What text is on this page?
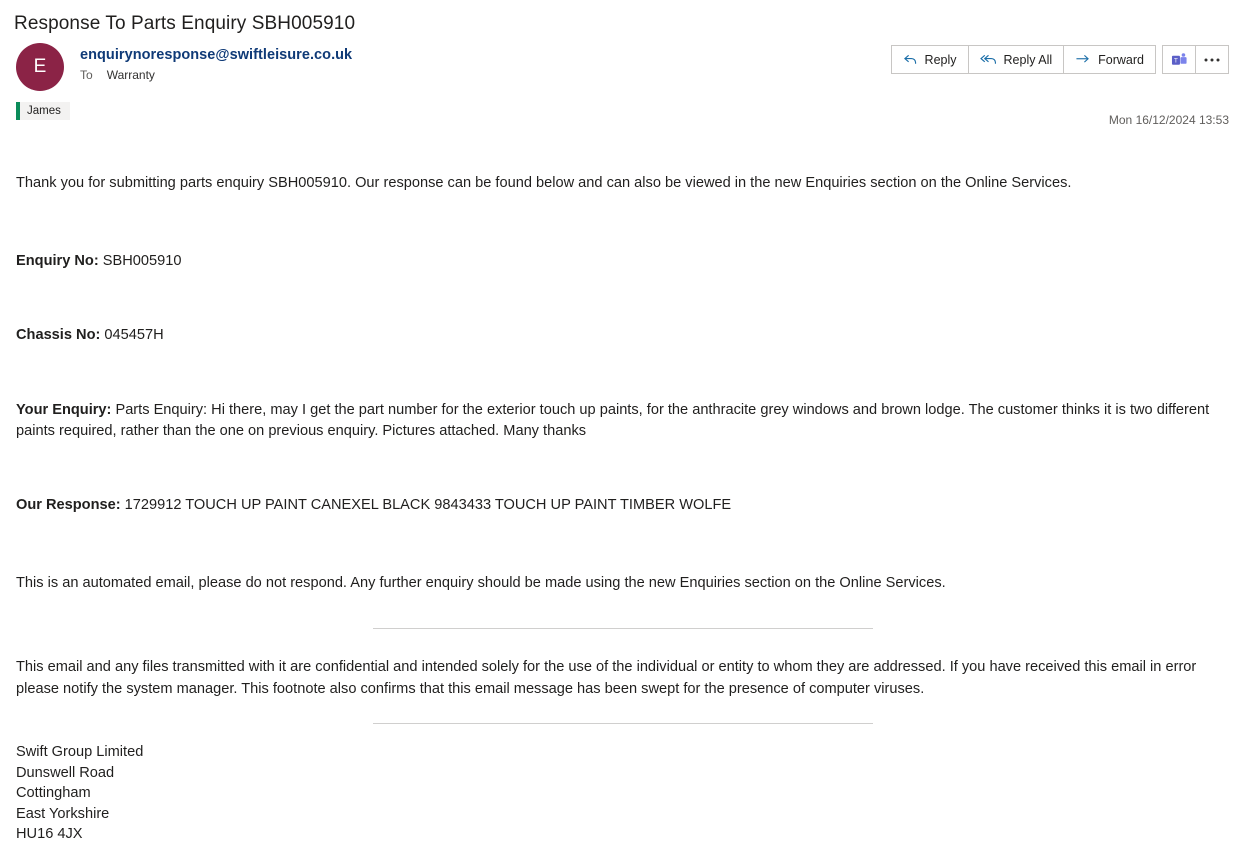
Response To Parts Enquiry SBH005910
E
enquirynoresponse@swiftleisure.co.uk
To Warranty
Reply	Reply All	Forward	T
Mon 16/12/2024 13:53
James

Thank you for submitting parts enquiry SBH005910. Our response can be found below and can also be viewed in the new Enquiries section on the Online Services.

Enquiry No: SBH005910

Chassis No: 045457H

Your Enquiry: Parts Enquiry: Hi there, may I get the part number for the exterior touch up paints, for the anthracite grey windows and brown lodge. The customer thinks it is two different paints required, rather than the one on previous enquiry. Pictures attached. Many thanks

Our Response: 1729912 TOUCH UP PAINT CANEXEL BLACK 9843433 TOUCH UP PAINT TIMBER WOLFE

This is an automated email, please do not respond. Any further enquiry should be made using the new Enquiries section on the Online Services.

This email and any files transmitted with it are confidential and intended solely for the use of the individual or entity to whom they are addressed. If you have received this email in error please notify the system manager. This footnote also confirms that this email message has been swept for the presence of computer viruses.

Swift Group Limited
Dunswell Road
Cottingham
East Yorkshire
HU16 4JX
